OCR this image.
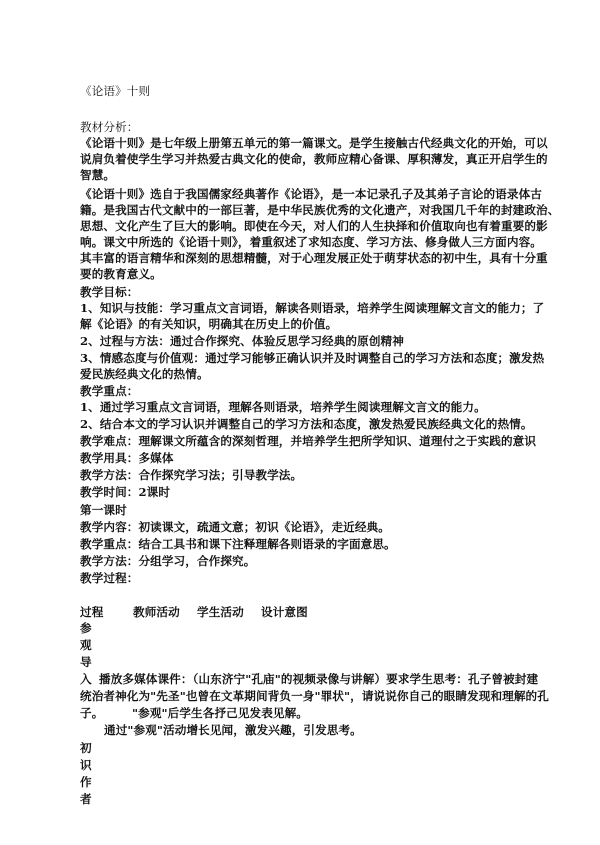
《论语》十则
教材分析：
《论语十则》是七年级上册第五单元的第一篇课文。是学生接触古代经典文化的开始，可以
说肩负着使学生学习并热爱古典文化的使命，教师应精心备课、厚积薄发，真正开启学生的
智慧。
《论语十则》选自于我国儒家经典著作《论语》，是一本记录孔子及其弟子言论的语录体古
籍。是我国古代文献中的一部巨著，是中华民族优秀的文化遗产，对我国几千年的封建政治、
思想、文化产生了巨大的影响。即使在今天，对人们的人生抉择和价值取向也有着重要的影
响。课文中所选的《论语十则》，着重叙述了求知态度、学习方法、修身做人三方面内容。
其丰富的语言精华和深刻的思想精髓，对于心理发展正处于萌芽状态的初中生，具有十分重
要的教育意义。
教学目标：
1、知识与技能：学习重点文言词语，解读各则语录，培养学生阅读理解文言文的能力；了
解《论语》的有关知识，明确其在历史上的价值。
2、过程与方法：通过合作探究、体验反思学习经典的原创精神
3、情感态度与价值观：通过学习能够正确认识并及时调整自己的学习方法和态度；激发热
爱民族经典文化的热情。
教学重点：
1、通过学习重点文言词语，理解各则语录，培养学生阅读理解文言文的能力。
2、结合本文的学习认识并调整自己的学习方法和态度，激发热爱民族经典文化的热情。
教学难点：理解课文所蕴含的深刻哲理，并培养学生把所学知识、道理付之于实践的意识
教学用具：多媒体
教学方法：合作探究学习法；引导教学法。
教学时间：2课时
第一课时
教学内容：初读课文，疏通文意；初识《论语》，走近经典。
教学重点：结合工具书和课下注释理解各则语录的字面意思。
教学方法：分组学习，合作探究。
教学过程：
过程	教师活动 学生活动 设计意图
参
观
导
入 播放多媒体课件：（山东济宁"孔庙"的视频录像与讲解）要求学生思考：孔子曾被封建
统治者神化为"先圣"也曾在文革期间背负一身"罪状"，请说说你自己的眼睛发现和理解的孔
子。 "参观"后学生各抒己见发表见解。
通过"参观"活动增长见闻，激发兴趣，引发思考。
初
识
作
者
